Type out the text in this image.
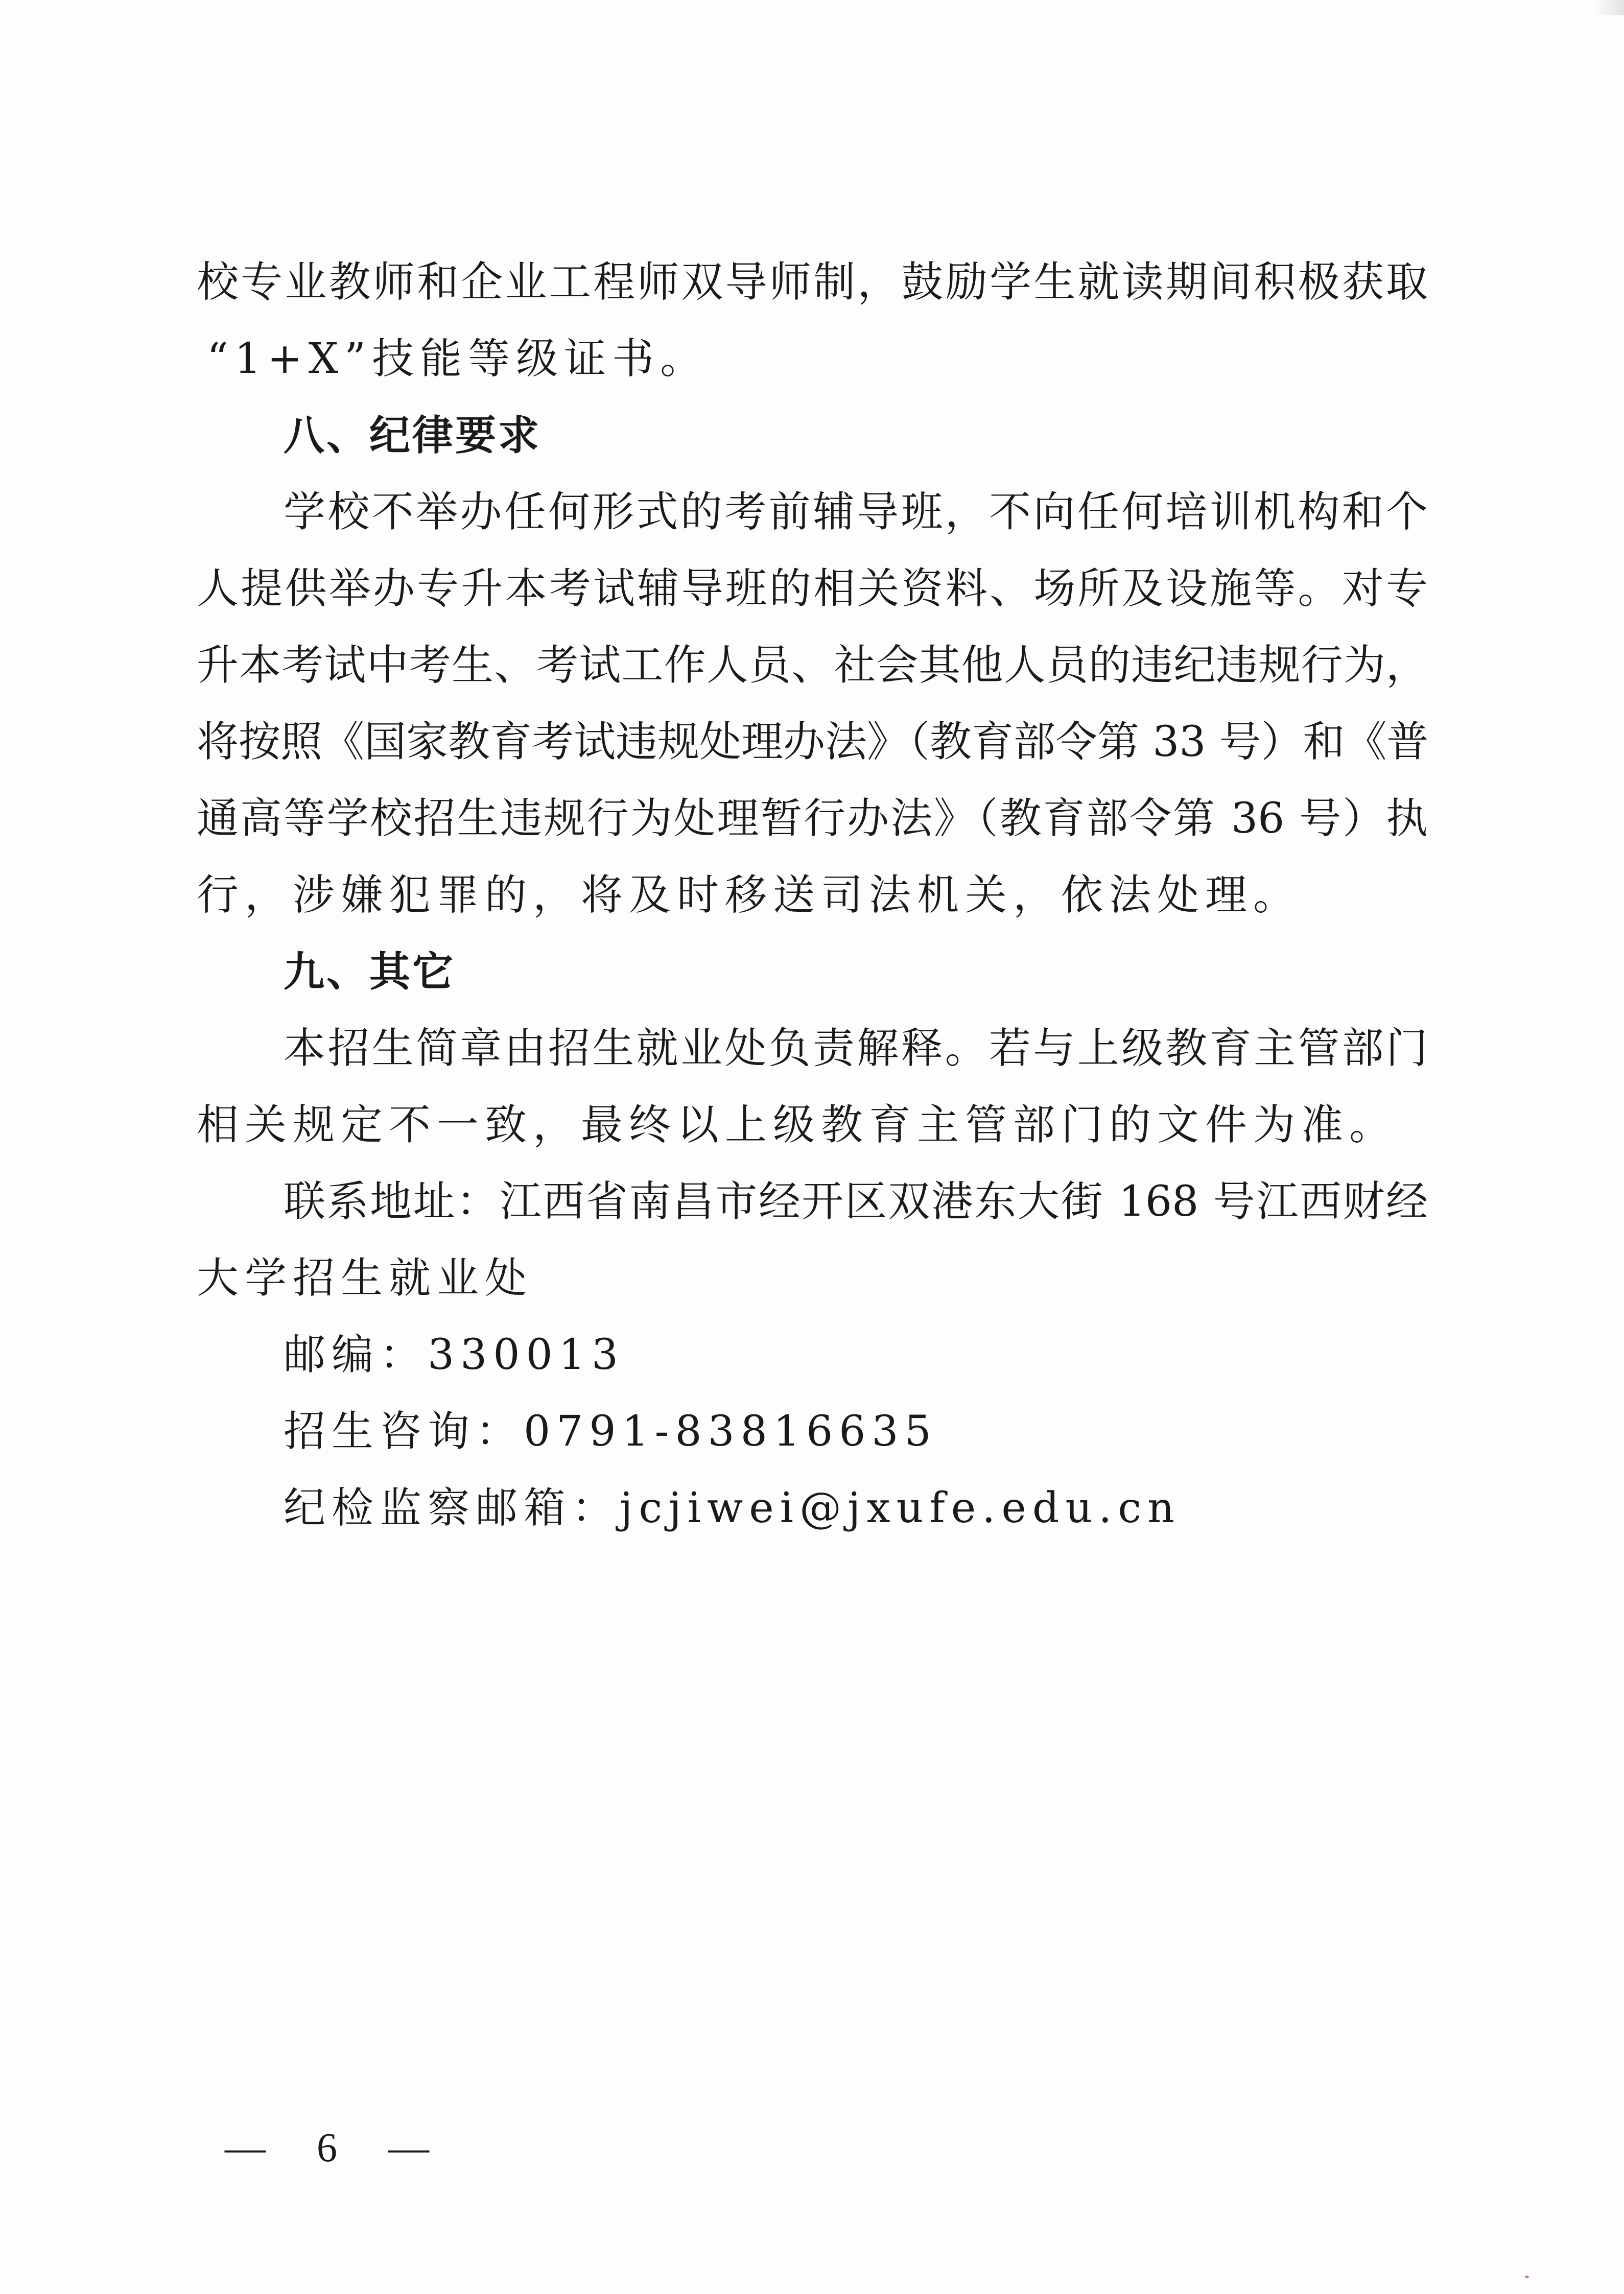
校专业教师和企业工程师双导师制，鼓励学生就读期间积极获取
“1+X”技能等级证书。
八、纪律要求
学校不举办任何形式的考前辅导班，不向任何培训机构和个
人提供举办专升本考试辅导班的相关资料、场所及设施等。对专
升本考试中考生、考试工作人员、社会其他人员的违纪违规行为，
将按照《国家教育考试违规处理办法》（教育部令第 33 号）和《普
通高等学校招生违规行为处理暂行办法》（教育部令第 36 号）执
行，涉嫌犯罪的，将及时移送司法机关，依法处理。
九、其它
本招生简章由招生就业处负责解释。若与上级教育主管部门
相关规定不一致，最终以上级教育主管部门的文件为准。
联系地址：江西省南昌市经开区双港东大街 168 号江西财经
大学招生就业处
邮编：330013
招生咨询：0791-83816635
纪检监察邮箱：jcjiwei@jxufe.edu.cn
— 6 —
